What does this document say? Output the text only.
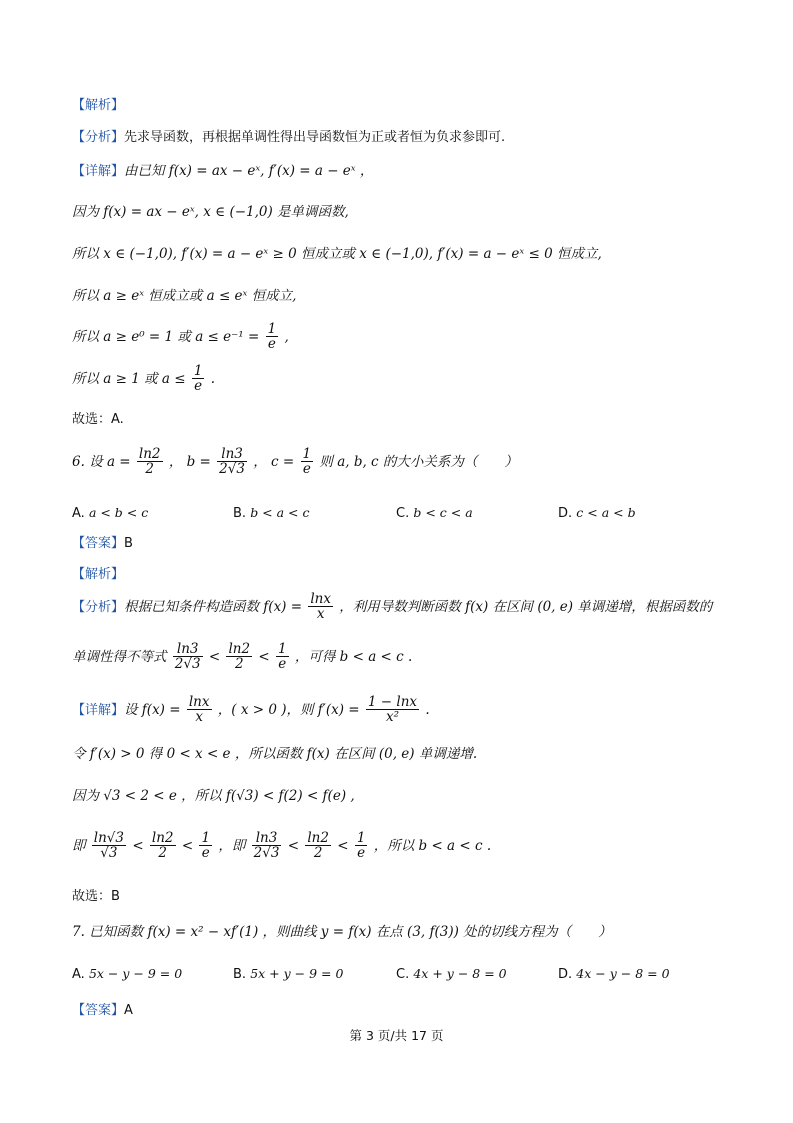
【解析】
【分析】先求导函数，再根据单调性得出导函数恒为正或者恒为负求参即可.
【详解】由已知 f(x) = ax − eˣ, f′(x) = a − eˣ ，
因为 f(x) = ax − eˣ, x ∈ (−1,0) 是单调函数,
所以 x ∈ (−1,0), f′(x) = a − eˣ ≥ 0 恒成立或 x ∈ (−1,0), f′(x) = a − eˣ ≤ 0 恒成立,
所以 a ≥ eˣ 恒成立或 a ≤ eˣ 恒成立,
所以 a ≥ e⁰ = 1 或 $a \le e^{-1} = \frac{1}{e}$ ,
所以 a ≥ 1 或 $a \le \frac{1}{e}$ .
故选：A.
6. 设 $a = \frac{\ln 2}{2}$ ， $b = \frac{\ln 3}{2√3}$ ， $c = \frac{1}{e}$ 则 a, b, c 的大小关系为（　　）
A. a < b < c	B. b < a < c	C. b < c < a	D. c < a < b
【答案】B
【解析】
【分析】根据已知条件构造函数 $f(x) = \frac{\ln x}{x}$ ，利用导数判断函数 f(x) 在区间 (0, e) 单调递增，根据函数的
单调性得不等式 $\frac{\ln 3}{2√3} < \frac{\ln 2}{2} < \frac{1}{e}$ ，可得 b < a < c .
【详解】设 $f(x) = \frac{\ln x}{x}$ ，( x > 0 )，则 $f'(x) = \frac{1 - \ln x}{\text{x²}}$ .
令 f′(x) > 0 得 0 < x < e ，所以函数 f(x) 在区间 (0, e) 单调递增.
因为 √3 < 2 < e ，所以 f(√3) < f(2) < f(e) ,
即 $\frac{\ln√3}{√3} < \frac{\ln 2}{2} < \frac{1}{e}$ ，即 $\frac{\ln 3}{2√3} < \frac{\ln 2}{2} < \frac{1}{e}$ ，所以 b < a < c .
故选：B
7. 已知函数 f(x) = x² − xf′(1) ，则曲线 y = f(x) 在点 (3, f(3)) 处的切线方程为（　　）
A. 5x − y − 9 = 0	B. 5x + y − 9 = 0	C. 4x + y − 8 = 0	D. 4x − y − 8 = 0
【答案】A
第 3 页/共 17 页
